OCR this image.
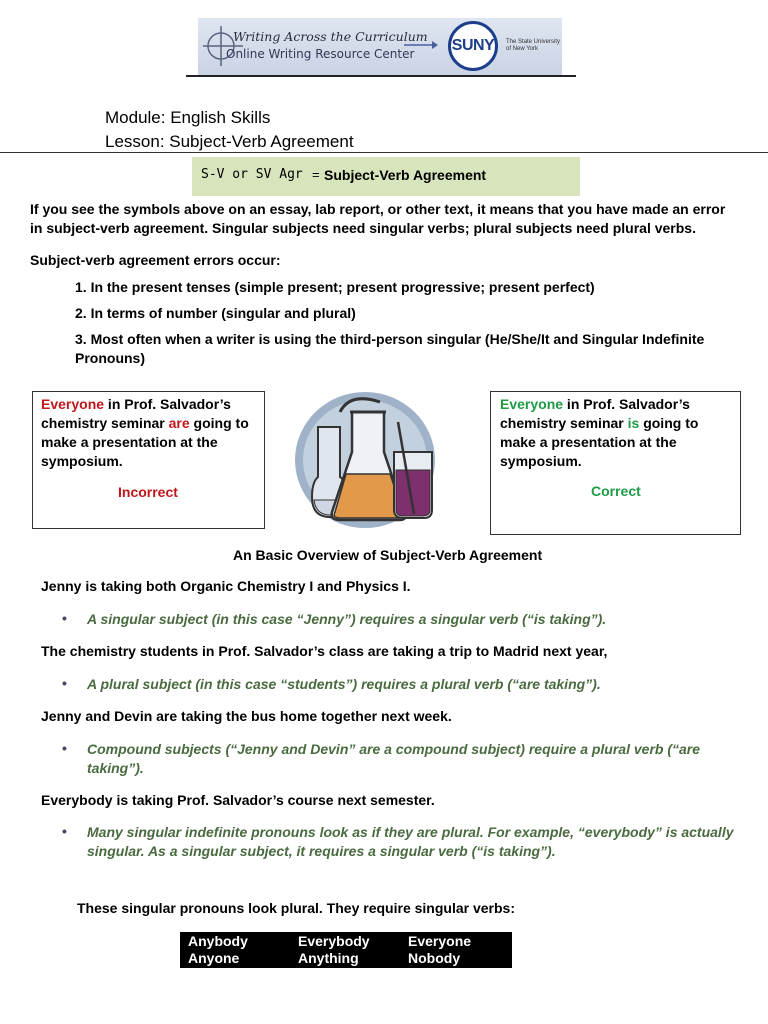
Writing Across the Curriculum
Online Writing Resource Center SUNY	The State University of New York
Module: English Skills
Lesson: Subject-Verb Agreement
S-V or SV Agr = Subject-Verb Agreement
If you see the symbols above on an essay, lab report, or other text, it means that you have made an error in subject-verb agreement. Singular subjects need singular verbs; plural subjects need plural verbs.
Subject-verb agreement errors occur:
1. In the present tenses (simple present; present progressive; present perfect)
2. In terms of number (singular and plural)
3. Most often when a writer is using the third-person singular (He/She/It and Singular Indefinite Pronouns)
Everyone in Prof. Salvador’s chemistry seminar are going to make a presentation at the symposium.
Incorrect
Everyone in Prof. Salvador’s chemistry seminar is going to make a presentation at the symposium.
Correct
An Basic Overview of Subject-Verb Agreement
Jenny is taking both Organic Chemistry I and Physics I.
• A singular subject (in this case “Jenny”) requires a singular verb (“is taking”).
The chemistry students in Prof. Salvador’s class are taking a trip to Madrid next year,
• A plural subject (in this case “students”) requires a plural verb (“are taking”).
Jenny and Devin are taking the bus home together next week.
• Compound subjects (“Jenny and Devin” are a compound subject) require a plural verb (“are taking”).
Everybody is taking Prof. Salvador’s course next semester.
• Many singular indefinite pronouns look as if they are plural. For example, “everybody” is actually singular. As a singular subject, it requires a singular verb (“is taking”).
These singular pronouns look plural. They require singular verbs:
Anybody	Everybody	Everyone
Anyone	Anything	Nobody
